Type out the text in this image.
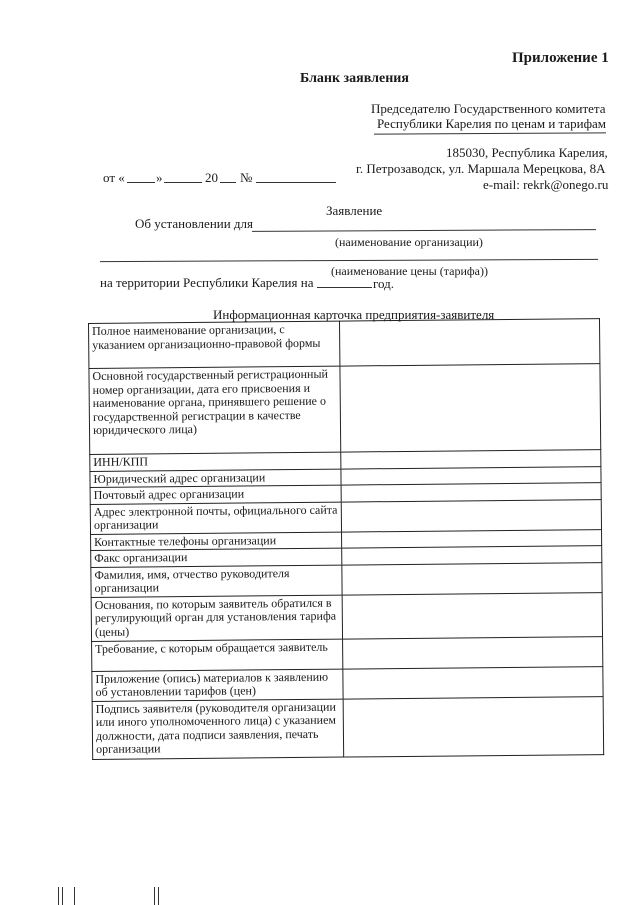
Приложение 1
Бланк заявления
Председателю Государственного комитета
Республики Карелия по ценам и тарифам
185030, Республика Карелия,
г. Петрозаводск, ул. Маршала Мерецкова, 8А
e-mail: rekrk@onego.ru
от « »	20 №
Заявление
Об установлении для
(наименование организации)
(наименование цены (тарифа))
на территории Республики Карелия на	год.
Информационная карточка предприятия-заявителя
Полное наименование организации, с указанием организационно-правовой формы	
Основной государственный регистрационный номер организации, дата его присвоения и наименование органа, принявшего решение о государственной регистрации в качестве юридического лица)	
ИНН/КПП	
Юридический адрес организации	
Почтовый адрес организации	
Адрес электронной почты, официального сайта организации	
Контактные телефоны организации	
Факс организации	
Фамилия, имя, отчество руководителя организации	
Основания, по которым заявитель обратился в регулирующий орган для установления тарифа (цены)	
Требование, с которым обращается заявитель	
Приложение (опись) материалов к заявлению об установлении тарифов (цен)	
Подпись заявителя (руководителя организации или иного уполномоченного лица) с указанием должности, дата подписи заявления, печать организации	
